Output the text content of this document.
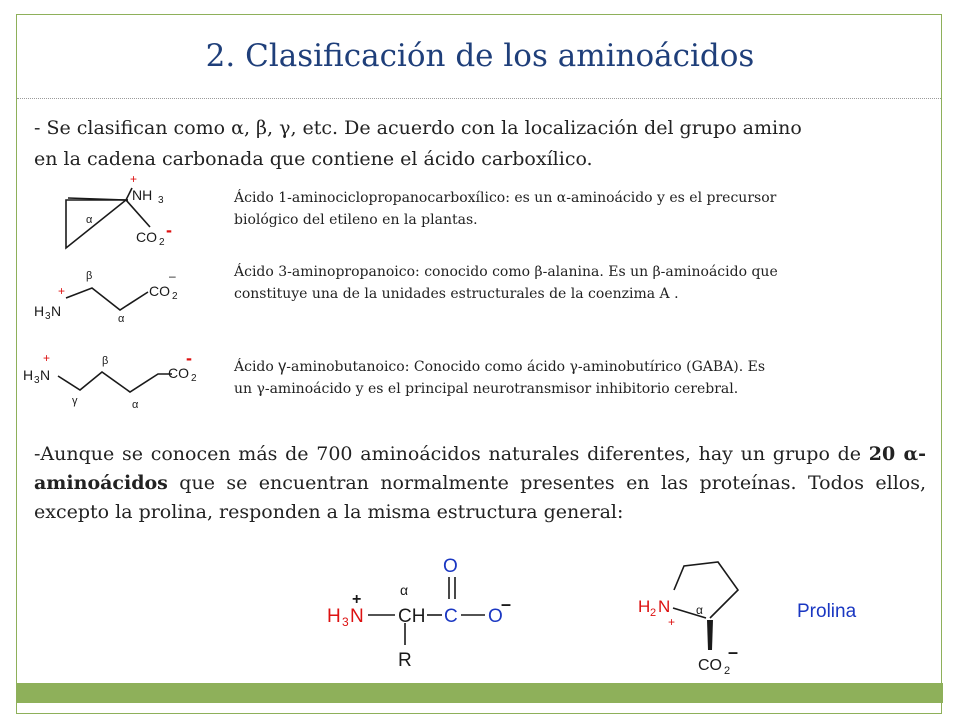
2. Clasificación de los aminoácidos
- Se clasifican como α, β, γ, etc. De acuerdo con la localización del grupo amino
en la cadena carbonada que contiene el ácido carboxílico.
α
+
NH 3
CO 2
-
Ácido 1-aminociclopropanocarboxílico: es un α-aminoácido y es el precursor
biológico del etileno en la plantas.
β
α
+
H 3 N
CO 2
–	Ácido 3-aminopropanoico: conocido como β-alanina. Es un β-aminoácido que
constituye una de la unidades estructurales de la coenzima A .
β
γ	α
+
H 3 N	CO 2
-	Ácido γ-aminobutanoico: Conocido como ácido γ-aminobutírico (GABA). Es
un γ-aminoácido y es el principal neurotransmisor inhibitorio cerebral.
-Aunque se conocen más de 700 aminoácidos naturales diferentes, hay un grupo de 20 α-aminoácidos que se encuentran normalmente presentes en las proteínas. Todos ellos, excepto la prolina, responden a la misma estructura general:
H 3 N
+
CH
α
C
O
O
–
R
H 2 N
+
α
CO 2
–
Prolina
